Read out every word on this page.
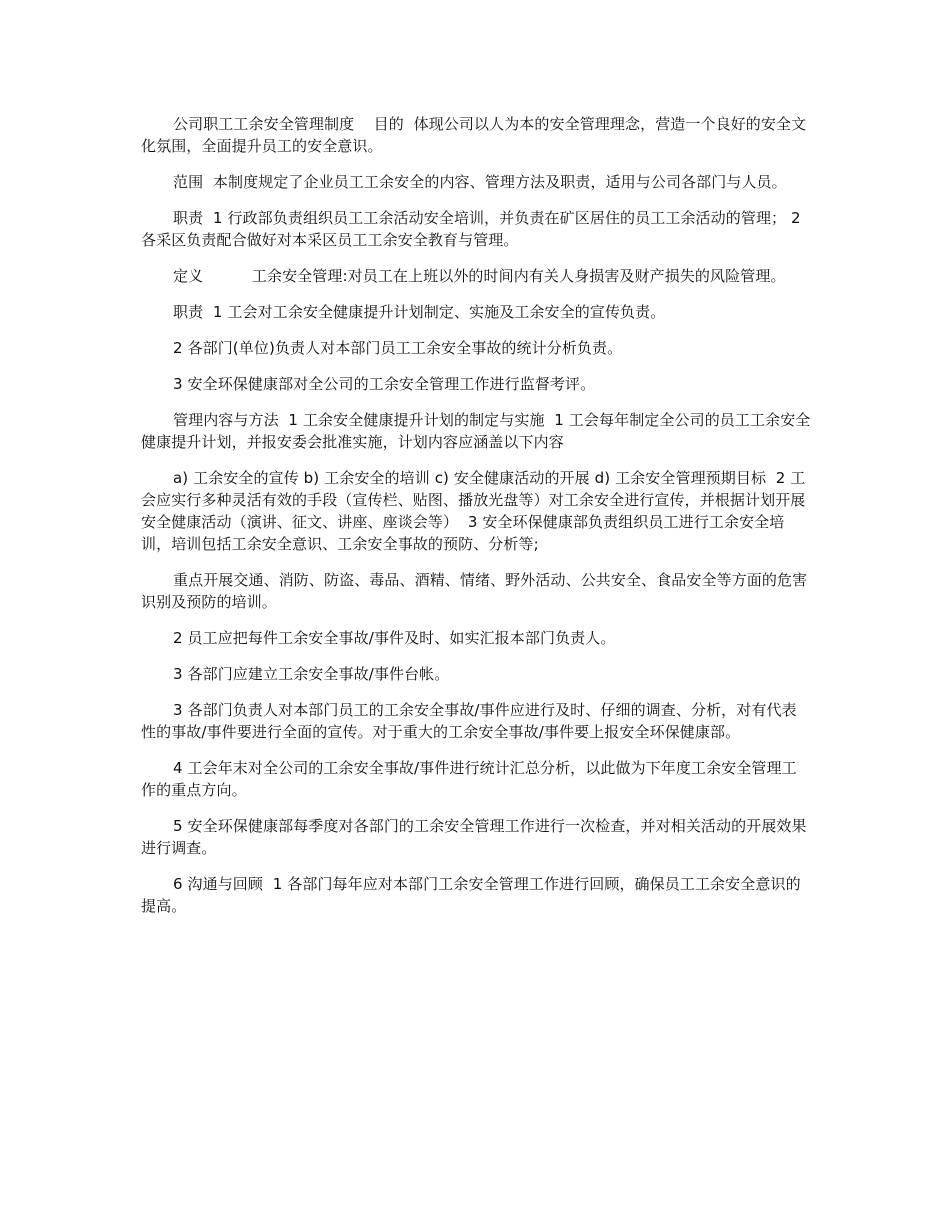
公司职工工余安全管理制度    目的  体现公司以人为本的安全管理理念，营造一个良好的安全文化氛围，全面提升员工的安全意识。

范围  本制度规定了企业员工工余安全的内容、管理方法及职责，适用与公司各部门与人员。

职责  1 行政部负责组织员工工余活动安全培训，并负责在矿区居住的员工工余活动的管理； 2 各采区负责配合做好对本采区员工工余安全教育与管理。

定义          工余安全管理:对员工在上班以外的时间内有关人身损害及财产损失的风险管理。

职责  1 工会对工余安全健康提升计划制定、实施及工余安全的宣传负责。

2 各部门(单位)负责人对本部门员工工余安全事故的统计分析负责。

3 安全环保健康部对全公司的工余安全管理工作进行监督考评。

管理内容与方法  1 工余安全健康提升计划的制定与实施  1 工会每年制定全公司的员工工余安全健康提升计划，并报安委会批准实施，计划内容应涵盖以下内容

a) 工余安全的宣传 b) 工余安全的培训 c) 安全健康活动的开展 d) 工余安全管理预期目标  2 工会应实行多种灵活有效的手段（宣传栏、贴图、播放光盘等）对工余安全进行宣传，并根据计划开展安全健康活动（演讲、征文、讲座、座谈会等）  3 安全环保健康部负责组织员工进行工余安全培训，培训包括工余安全意识、工余安全事故的预防、分析等;

重点开展交通、消防、防盗、毒品、酒精、情绪、野外活动、公共安全、食品安全等方面的危害识别及预防的培训。

2 员工应把每件工余安全事故/事件及时、如实汇报本部门负责人。

3 各部门应建立工余安全事故/事件台帐。

3 各部门负责人对本部门员工的工余安全事故/事件应进行及时、仔细的调查、分析，对有代表性的事故/事件要进行全面的宣传。对于重大的工余安全事故/事件要上报安全环保健康部。

4 工会年末对全公司的工余安全事故/事件进行统计汇总分析，以此做为下年度工余安全管理工作的重点方向。

5 安全环保健康部每季度对各部门的工余安全管理工作进行一次检查，并对相关活动的开展效果进行调查。

6 沟通与回顾  1 各部门每年应对本部门工余安全管理工作进行回顾，确保员工工余安全意识的提高。
